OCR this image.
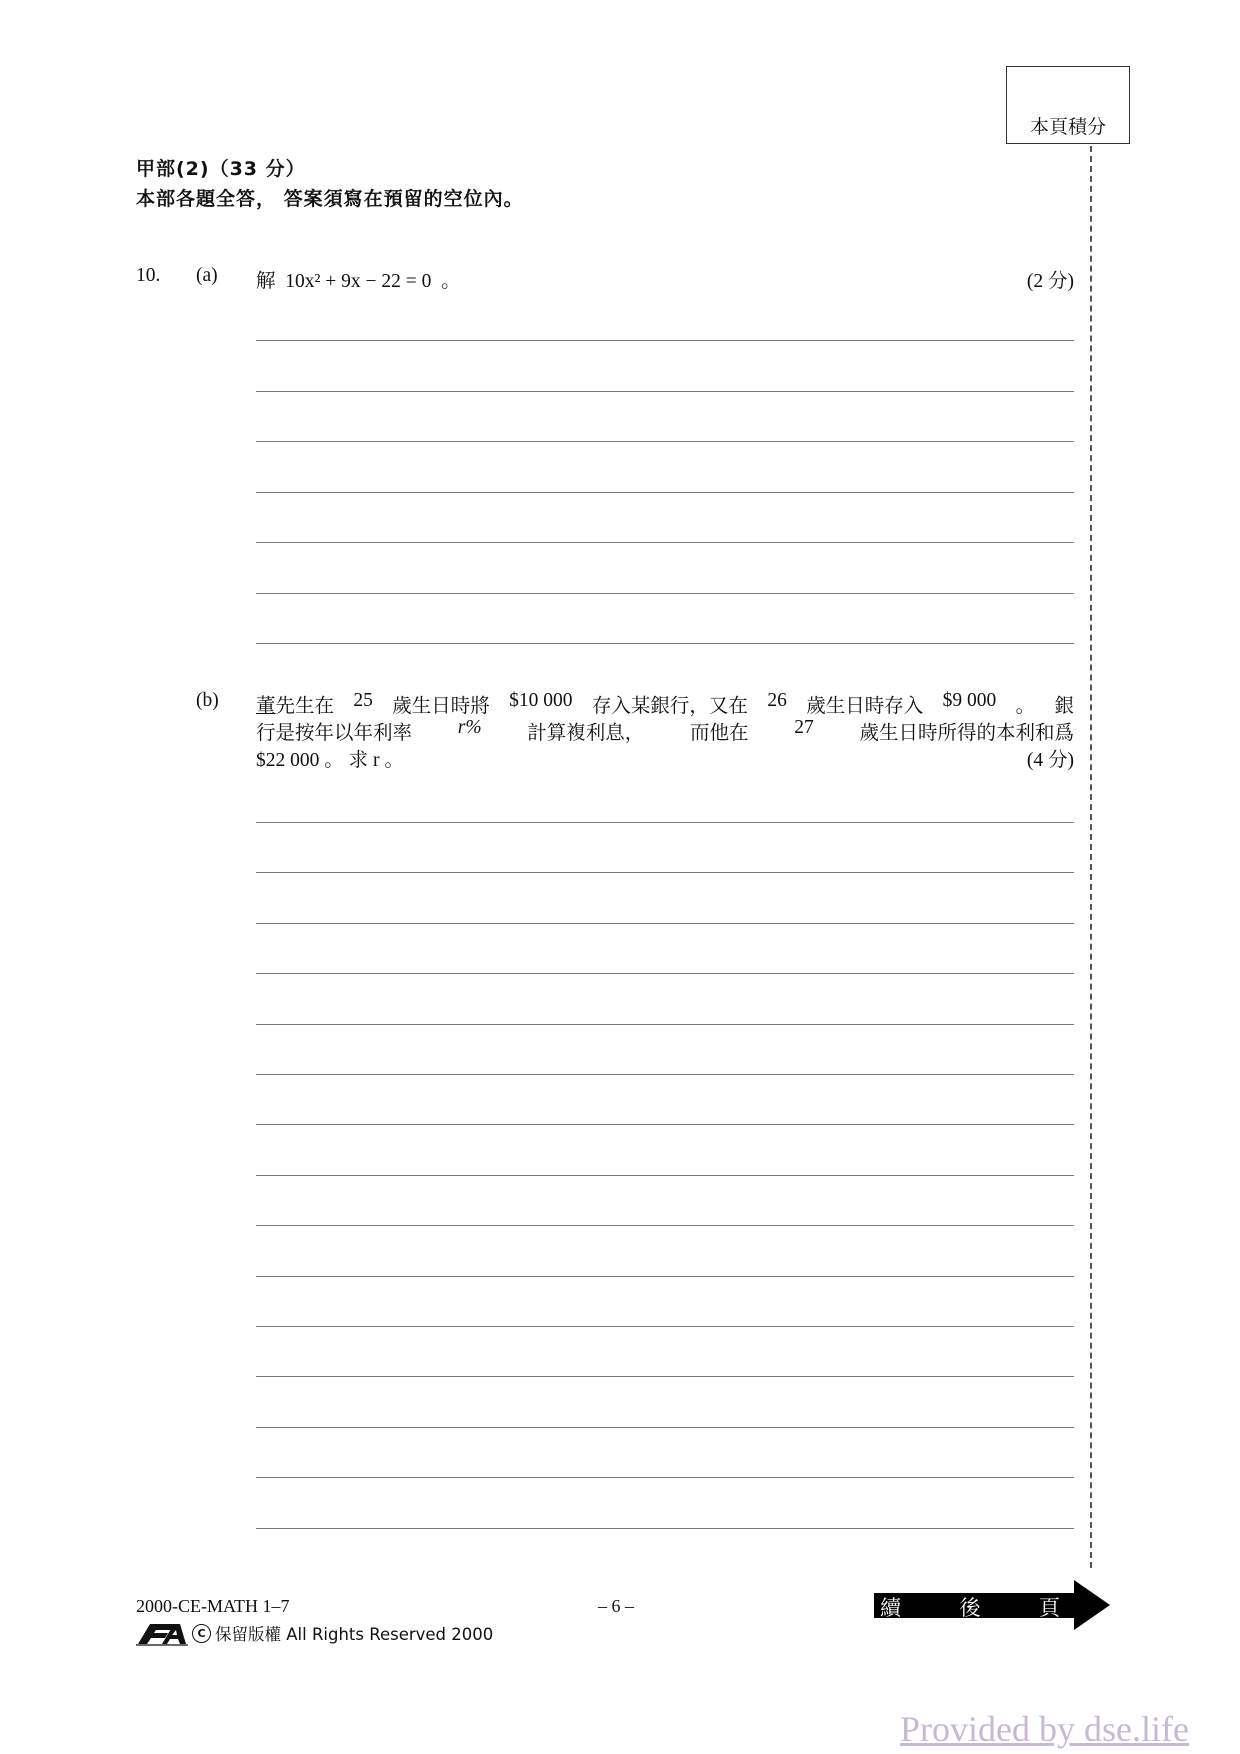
本頁積分
甲部(2)（33 分）
本部各題全答， 答案須寫在預留的空位內。
10. (a) 解 10x² + 9x − 22 = 0 。	(2 分)
(b) 董先生在 25 歲生日時將 $10 000 存入某銀行，又在 26 歲生日時存入 $9 000 。 銀
行是按年以年利率 r% 計算複利息， 而他在 27 歲生日時所得的本利和爲
$22 000 。 求 r 。	(4 分)
2000-CE-MATH 1–7	– 6 –
C 保留版權 All Rights Reserved 2000
續	後	頁
Provided by dse.life
